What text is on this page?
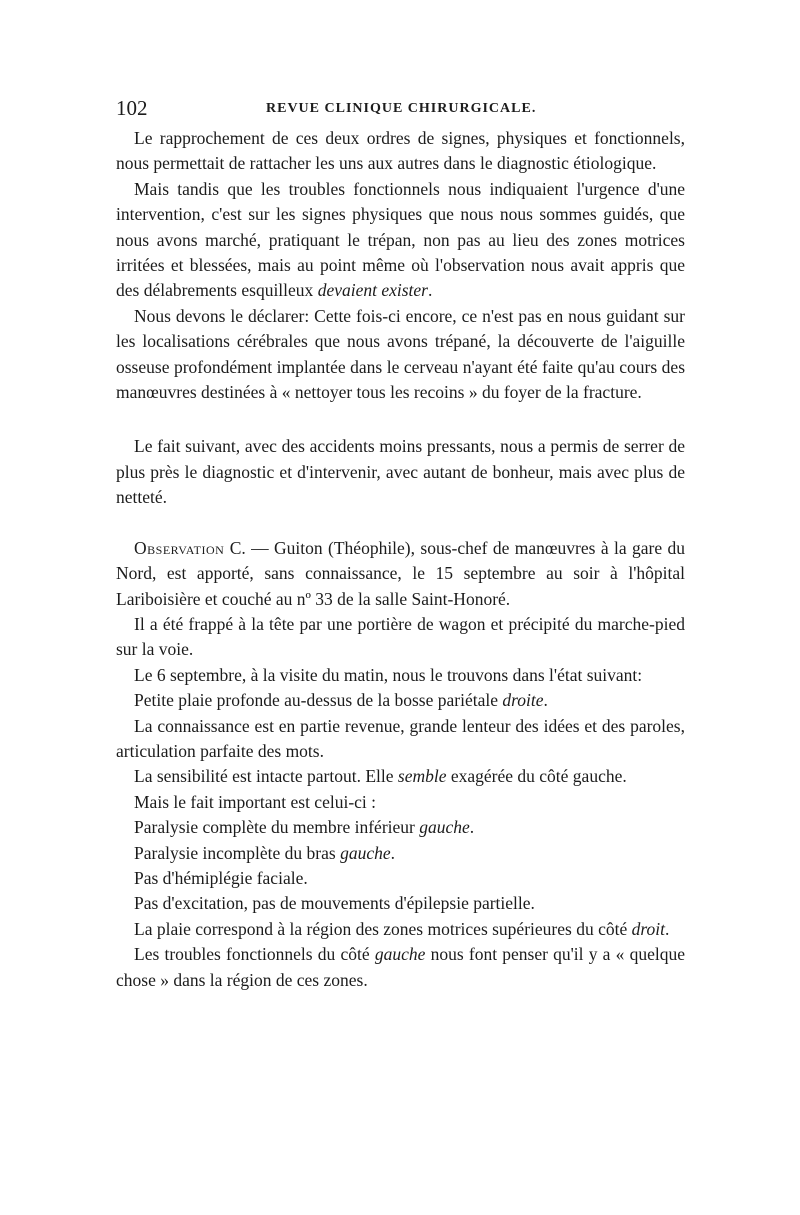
102	REVUE CLINIQUE CHIRURGICALE.

Le rapprochement de ces deux ordres de signes, physiques et fonctionnels, nous permettait de rattacher les uns aux autres dans le diagnostic étiologique.

Mais tandis que les troubles fonctionnels nous indiquaient l'urgence d'une intervention, c'est sur les signes physiques que nous nous sommes guidés, que nous avons marché, pratiquant le trépan, non pas au lieu des zones motrices irritées et blessées, mais au point même où l'observation nous avait appris que des délabrements esquilleux devaient exister.

Nous devons le déclarer: Cette fois-ci encore, ce n'est pas en nous guidant sur les localisations cérébrales que nous avons trépané, la découverte de l'aiguille osseuse profondément implantée dans le cerveau n'ayant été faite qu'au cours des manœuvres destinées à « nettoyer tous les recoins » du foyer de la fracture.

Le fait suivant, avec des accidents moins pressants, nous a permis de serrer de plus près le diagnostic et d'intervenir, avec autant de bonheur, mais avec plus de netteté.

Observation C. — Guiton (Théophile), sous-chef de manœuvres à la gare du Nord, est apporté, sans connaissance, le 15 septembre au soir à l'hôpital Lariboisière et couché au nº 33 de la salle Saint-Honoré.

Il a été frappé à la tête par une portière de wagon et précipité du marche-pied sur la voie.

Le 6 septembre, à la visite du matin, nous le trouvons dans l'état suivant:

Petite plaie profonde au-dessus de la bosse pariétale droite.

La connaissance est en partie revenue, grande lenteur des idées et des paroles, articulation parfaite des mots.

La sensibilité est intacte partout. Elle semble exagérée du côté gauche.

Mais le fait important est celui-ci :

Paralysie complète du membre inférieur gauche.

Paralysie incomplète du bras gauche.

Pas d'hémiplégie faciale.

Pas d'excitation, pas de mouvements d'épilepsie partielle.

La plaie correspond à la région des zones motrices supérieures du côté droit.

Les troubles fonctionnels du côté gauche nous font penser qu'il y a « quelque chose » dans la région de ces zones.
